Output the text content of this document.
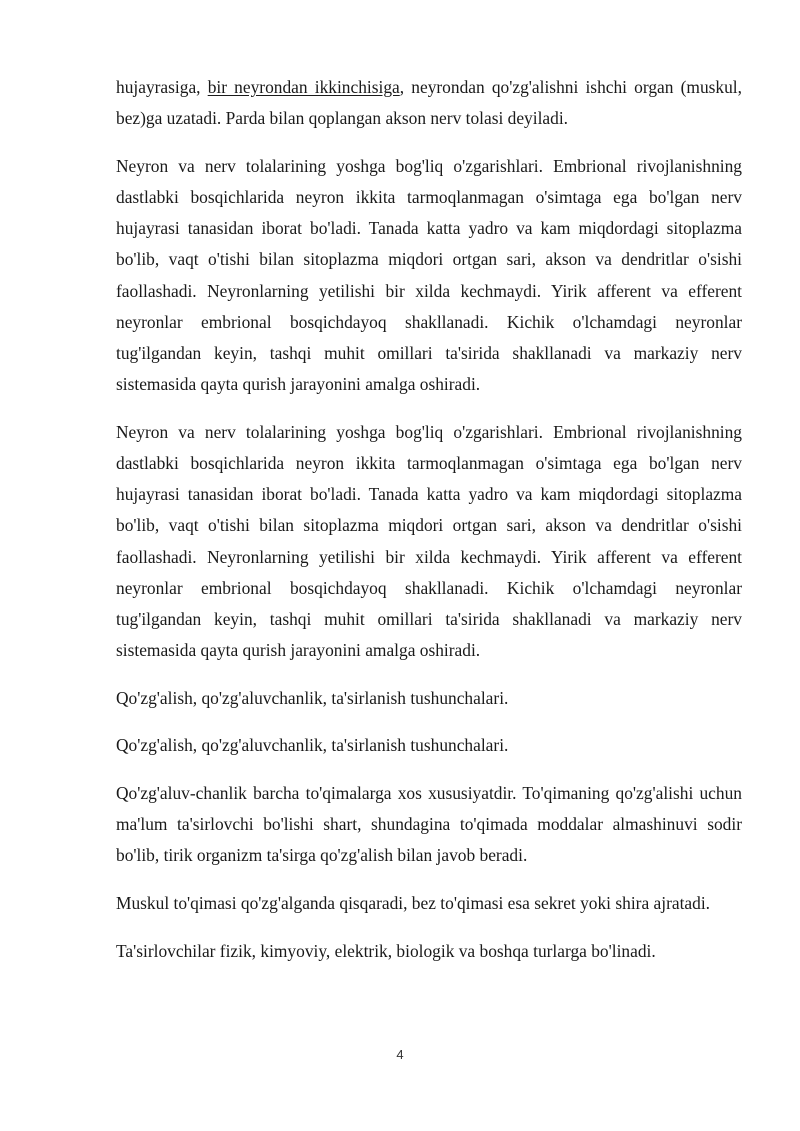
hujayrasiga, bir neyrondan ikkinchisiga, neyrondan qo'zg'alishni ishchi organ (muskul, bez)ga uzatadi. Parda bilan qoplangan akson nerv tolasi deyiladi.

Neyron va nerv tolalarining yoshga bog'liq o'zgarishlari. Embrional rivojlanishning dastlabki bosqichlarida neyron ikkita tarmoqlanmagan o'simtaga ega bo'lgan nerv hujayrasi tanasidan iborat bo'ladi. Tanada katta yadro va kam miqdordagi sitoplazma bo'lib, vaqt o'tishi bilan sitoplazma miqdori ortgan sari, akson va dendritlar o'sishi faollashadi. Neyronlarning yetilishi bir xilda kechmaydi. Yirik afferent va efferent neyronlar embrional bosqichdayoq shakllanadi. Kichik o'lchamdagi neyronlar tug'ilgandan keyin, tashqi muhit omillari ta'sirida shakllanadi va markaziy nerv sistemasida qayta qurish jarayonini amalga oshiradi.

Neyron va nerv tolalarining yoshga bog'liq o'zgarishlari. Embrional rivojlanishning dastlabki bosqichlarida neyron ikkita tarmoqlanmagan o'simtaga ega bo'lgan nerv hujayrasi tanasidan iborat bo'ladi. Tanada katta yadro va kam miqdordagi sitoplazma bo'lib, vaqt o'tishi bilan sitoplazma miqdori ortgan sari, akson va dendritlar o'sishi faollashadi. Neyronlarning yetilishi bir xilda kechmaydi. Yirik afferent va efferent neyronlar embrional bosqichdayoq shakllanadi. Kichik o'lchamdagi neyronlar tug'ilgandan keyin, tashqi muhit omillari ta'sirida shakllanadi va markaziy nerv sistemasida qayta qurish jarayonini amalga oshiradi.

Qo'zg'alish, qo'zg'aluvchanlik, ta'sirlanish tushunchalari.

Qo'zg'alish, qo'zg'aluvchanlik, ta'sirlanish tushunchalari.

Qo'zg'aluv-chanlik barcha to'qimalarga xos xususiyatdir. To'qimaning qo'zg'alishi uchun ma'lum ta'sirlovchi bo'lishi shart, shundagina to'qimada moddalar almashinuvi sodir bo'lib, tirik organizm ta'sirga qo'zg'alish bilan javob beradi.

Muskul to'qimasi qo'zg'alganda qisqaradi, bez to'qimasi esa sekret yoki shira ajratadi.

Ta'sirlovchilar fizik, kimyoviy, elektrik, biologik va boshqa turlarga bo'linadi.

4
